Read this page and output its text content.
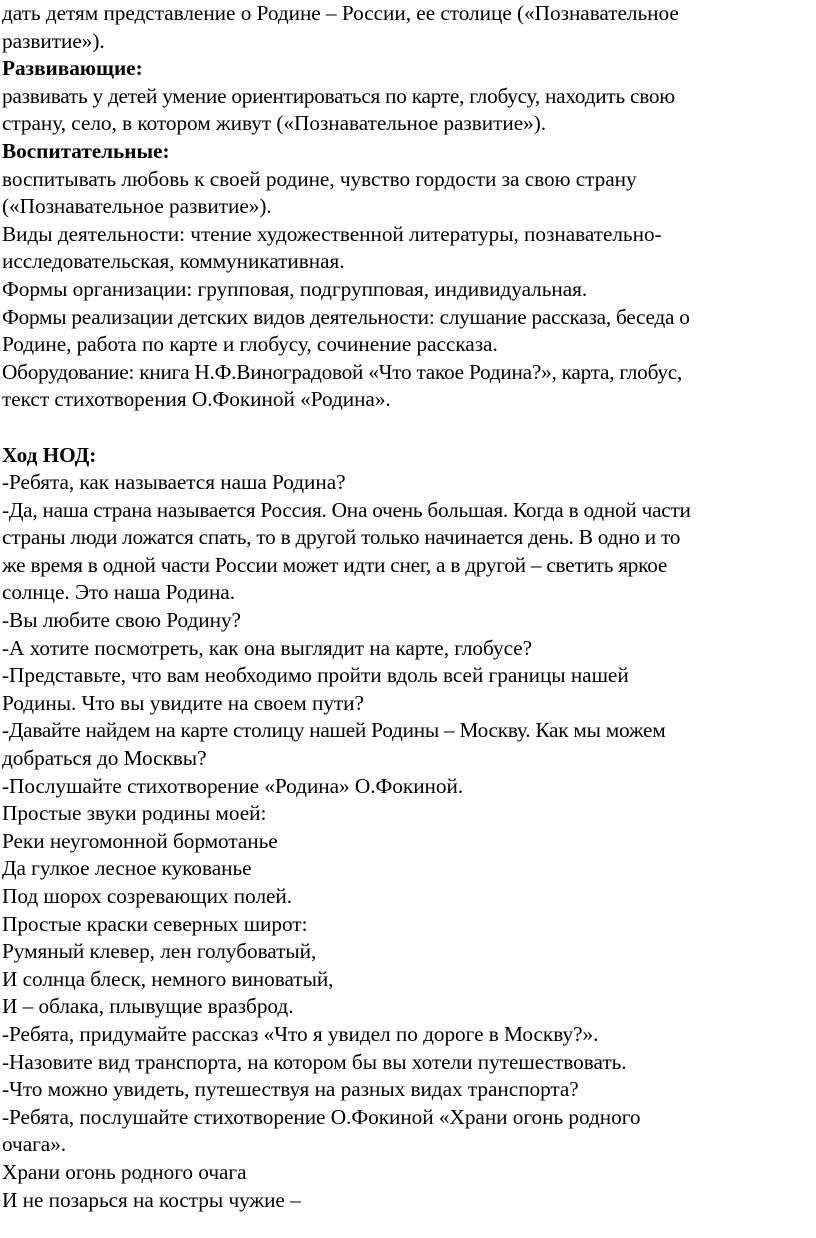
дать детям представление о Родине – России, ее столице («Познавательное
развитие»).
Развивающие:
развивать у детей умение ориентироваться по карте, глобусу, находить свою
страну, село, в котором живут («Познавательное развитие»).
Воспитательные:
воспитывать любовь к своей родине, чувство гордости за свою страну
(«Познавательное развитие»).
Виды деятельности: чтение художественной литературы, познавательно-
исследовательская, коммуникативная.
Формы организации: групповая, подгрупповая, индивидуальная.
Формы реализации детских видов деятельности: слушание рассказа, беседа о
Родине, работа по карте и глобусу, сочинение рассказа.
Оборудование: книга Н.Ф.Виноградовой «Что такое Родина?», карта, глобус,
текст стихотворения О.Фокиной «Родина».
Ход НОД:
-Ребята, как называется наша Родина?
-Да, наша страна называется Россия. Она очень большая. Когда в одной части
страны люди ложатся спать, то в другой только начинается день. В одно и то
же время в одной части России может идти снег, а в другой – светить яркое
солнце. Это наша Родина.
-Вы любите свою Родину?
-А хотите посмотреть, как она выглядит на карте, глобусе?
-Представьте, что вам необходимо пройти вдоль всей границы нашей
Родины. Что вы увидите на своем пути?
-Давайте найдем на карте столицу нашей Родины – Москву. Как мы можем
добраться до Москвы?
-Послушайте стихотворение «Родина» О.Фокиной.
Простые звуки родины моей:
Реки неугомонной бормотанье
Да гулкое лесное кукованье
Под шорох созревающих полей.
Простые краски северных широт:
Румяный клевер, лен голубоватый,
И солнца блеск, немного виноватый,
И – облака, плывущие вразброд.
-Ребята, придумайте рассказ «Что я увидел по дороге в Москву?».
-Назовите вид транспорта, на котором бы вы хотели путешествовать.
-Что можно увидеть, путешествуя на разных видах транспорта?
-Ребята, послушайте стихотворение О.Фокиной «Храни огонь родного
очага».
Храни огонь родного очага
И не позарься на костры чужие –
